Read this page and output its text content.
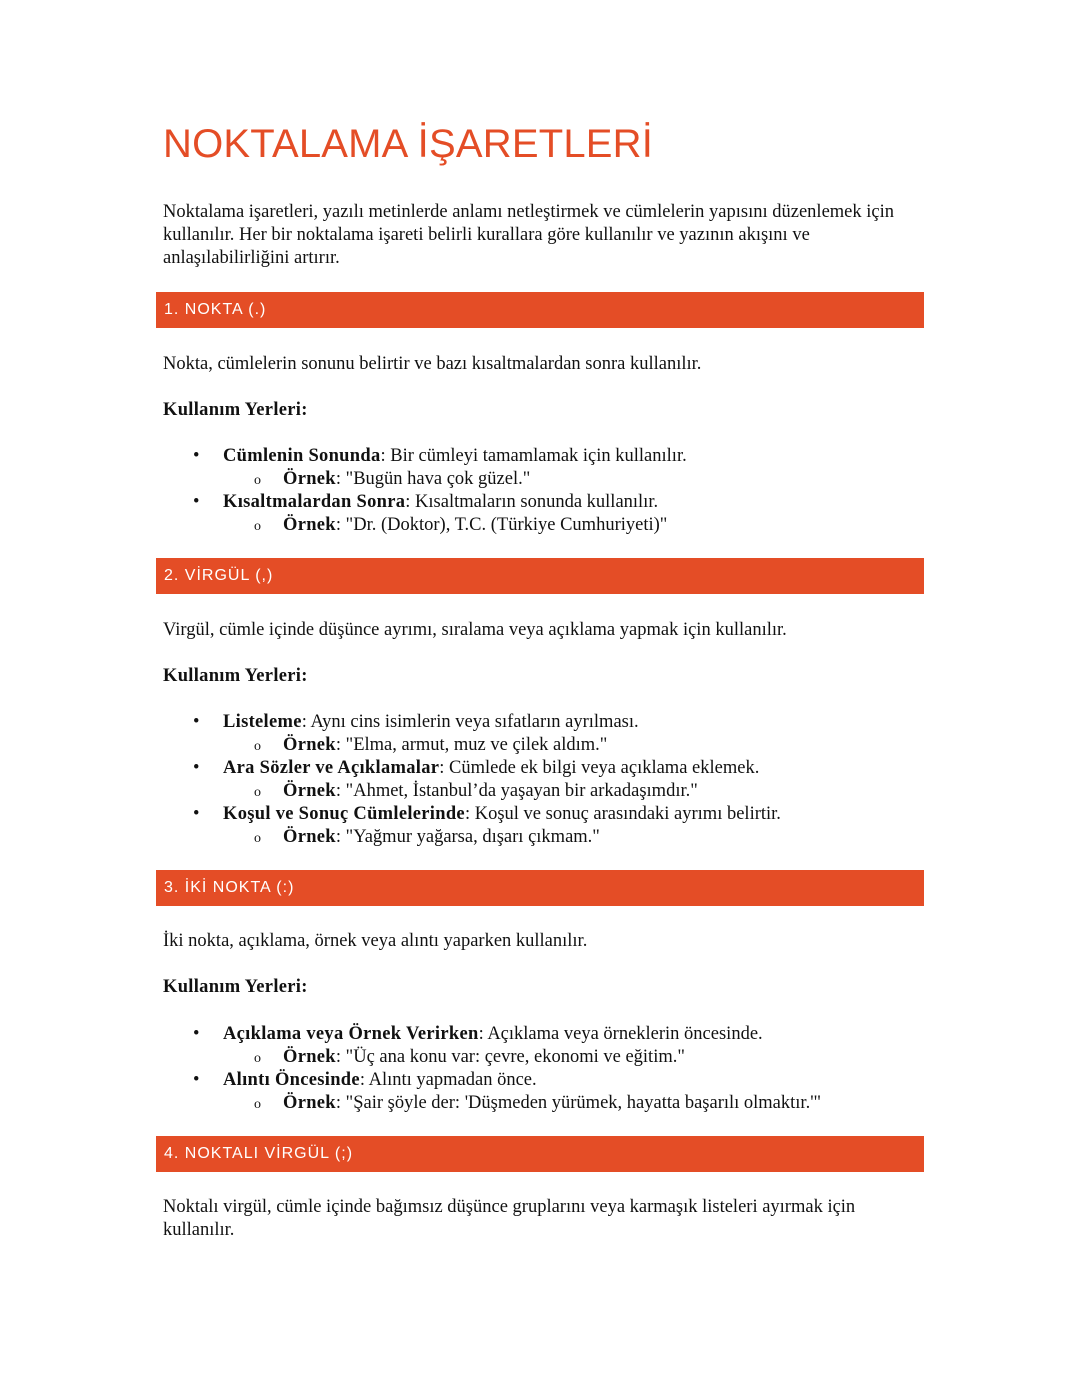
NOKTALAMA İŞARETLERİ
Noktalama işaretleri, yazılı metinlerde anlamı netleştirmek ve cümlelerin yapısını düzenlemek için kullanılır. Her bir noktalama işareti belirli kurallara göre kullanılır ve yazının akışını ve anlaşılabilirliğini artırır.
1. NOKTA (.)
Nokta, cümlelerin sonunu belirtir ve bazı kısaltmalardan sonra kullanılır.
Kullanım Yerleri:
• Cümlenin Sonunda: Bir cümleyi tamamlamak için kullanılır.
o Örnek: "Bugün hava çok güzel."
• Kısaltmalardan Sonra: Kısaltmaların sonunda kullanılır.
o Örnek: "Dr. (Doktor), T.C. (Türkiye Cumhuriyeti)"
2. VİRGÜL (,)
Virgül, cümle içinde düşünce ayrımı, sıralama veya açıklama yapmak için kullanılır.
Kullanım Yerleri:
• Listeleme: Aynı cins isimlerin veya sıfatların ayrılması.
o Örnek: "Elma, armut, muz ve çilek aldım."
• Ara Sözler ve Açıklamalar: Cümlede ek bilgi veya açıklama eklemek.
o Örnek: "Ahmet, İstanbul’da yaşayan bir arkadaşımdır."
• Koşul ve Sonuç Cümlelerinde: Koşul ve sonuç arasındaki ayrımı belirtir.
o Örnek: "Yağmur yağarsa, dışarı çıkmam."
3. İKİ NOKTA (:)
İki nokta, açıklama, örnek veya alıntı yaparken kullanılır.
Kullanım Yerleri:
• Açıklama veya Örnek Verirken: Açıklama veya örneklerin öncesinde.
o Örnek: "Üç ana konu var: çevre, ekonomi ve eğitim."
• Alıntı Öncesinde: Alıntı yapmadan önce.
o Örnek: "Şair şöyle der: 'Düşmeden yürümek, hayatta başarılı olmaktır.'"
4. NOKTALI VİRGÜL (;)
Noktalı virgül, cümle içinde bağımsız düşünce gruplarını veya karmaşık listeleri ayırmak için kullanılır.
